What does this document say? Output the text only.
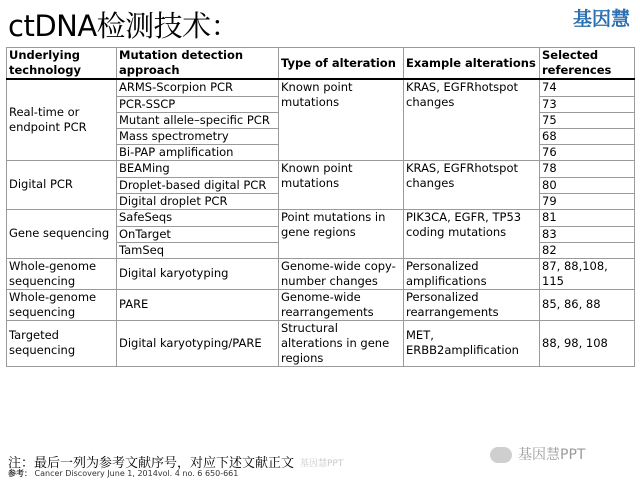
ctDNA检测技术：	基因慧
Underlying technology	Mutation detection approach	Type of alteration	Example alterations	Selected references
Real-time or endpoint PCR	ARMS-Scorpion PCR	Known point mutations	KRAS, EGFRhotspot changes	74
	PCR-SSCP			73
	Mutant allele–specific PCR			75
	Mass spectrometry			68
	Bi-PAP amplification			76
Digital PCR	BEAMing	Known point mutations	KRAS, EGFRhotspot changes	78
	Droplet-based digital PCR			80
	Digital droplet PCR			79
Gene sequencing	SafeSeqs	Point mutations in gene regions	PIK3CA, EGFR, TP53 coding mutations	81
	OnTarget			83
	TamSeq			82
Whole-genome sequencing	Digital karyotyping	Genome-wide copy-number changes	Personalized amplifications	87, 88,108, 115
Whole-genome sequencing	PARE	Genome-wide rearrangements	Personalized rearrangements	85, 86, 88
Targeted sequencing	Digital karyotyping/PARE	Structural alterations in gene regions	MET, ERBB2amplification	88, 98, 108
基因慧PPT
注：最后一列为参考文献序号，对应下述文献正文
参考： Cancer Discovery June 1, 2014vol. 4 no. 6 650-661
基因慧PPT
